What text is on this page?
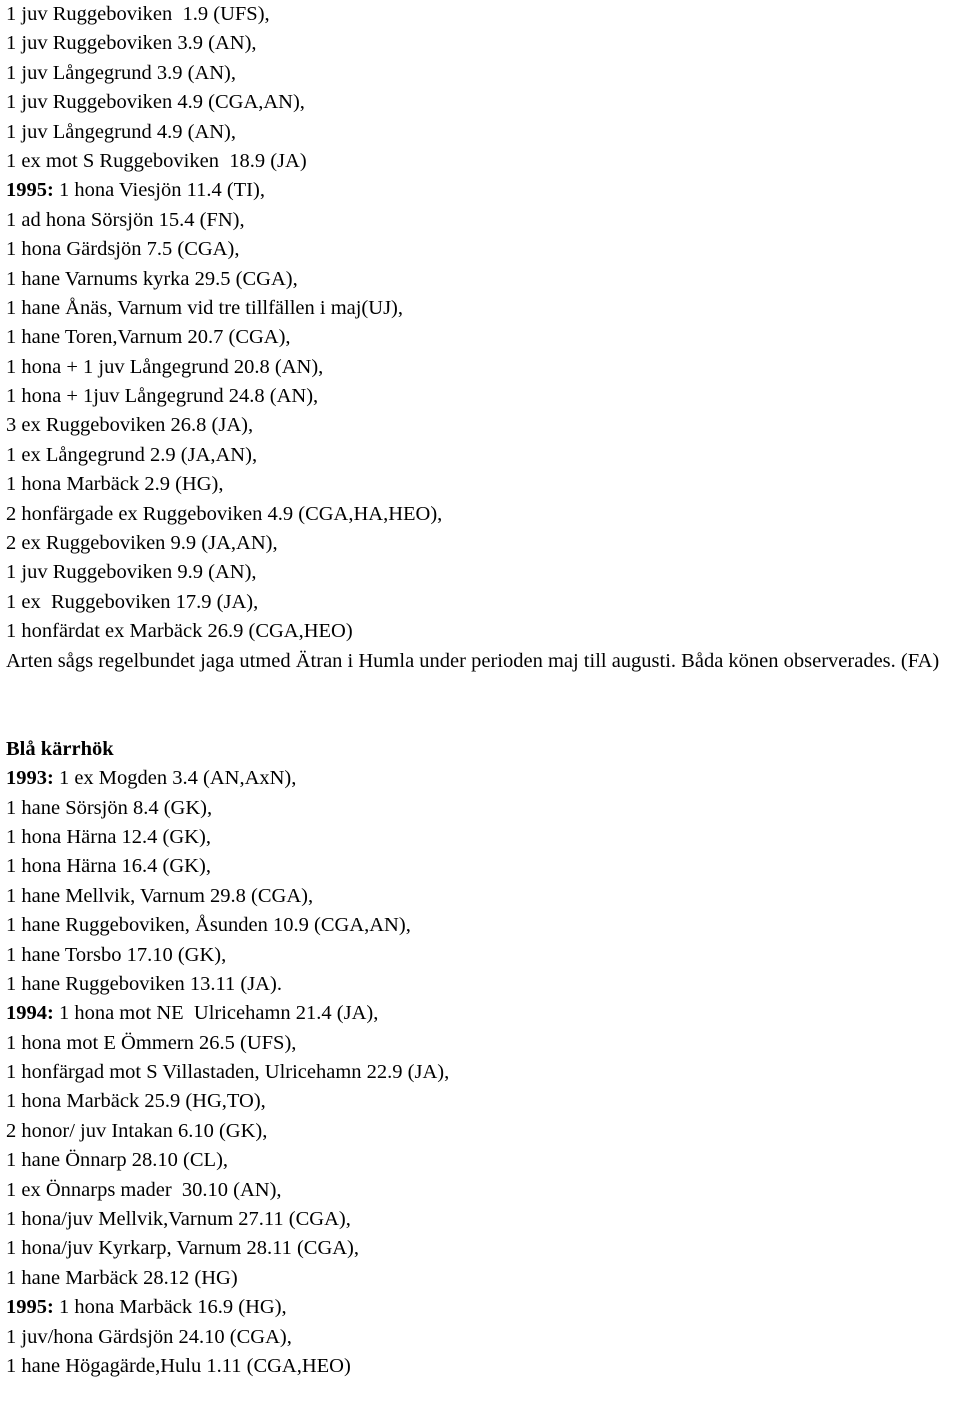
1 juv Ruggeboviken  1.9 (UFS),
1 juv Ruggeboviken 3.9 (AN),
1 juv Långegrund 3.9 (AN),
1 juv Ruggeboviken 4.9 (CGA,AN),
1 juv Långegrund 4.9 (AN),
1 ex mot S Ruggeboviken  18.9 (JA)
1995: 1 hona Viesjön 11.4 (TI),
1 ad hona Sörsjön 15.4 (FN),
1 hona Gärdsjön 7.5 (CGA),
1 hane Varnums kyrka 29.5 (CGA),
1 hane Ånäs, Varnum vid tre tillfällen i maj(UJ),
1 hane Toren,Varnum 20.7 (CGA),
1 hona + 1 juv Långegrund 20.8 (AN),
1 hona + 1juv Långegrund 24.8 (AN),
3 ex Ruggeboviken 26.8 (JA),
1 ex Långegrund 2.9 (JA,AN),
1 hona Marbäck 2.9 (HG),
2 honfärgade ex Ruggeboviken 4.9 (CGA,HA,HEO),
2 ex Ruggeboviken 9.9 (JA,AN),
1 juv Ruggeboviken 9.9 (AN),
1 ex  Ruggeboviken 17.9 (JA),
1 honfärdat ex Marbäck 26.9 (CGA,HEO)
Arten sågs regelbundet jaga utmed Ätran i Humla under perioden maj till augusti. Båda könen observerades. (FA)
Blå kärrhök
1993: 1 ex Mogden 3.4 (AN,AxN),
1 hane Sörsjön 8.4 (GK),
1 hona Härna 12.4 (GK),
1 hona Härna 16.4 (GK),
1 hane Mellvik, Varnum 29.8 (CGA),
1 hane Ruggeboviken, Åsunden 10.9 (CGA,AN),
1 hane Torsbo 17.10 (GK),
1 hane Ruggeboviken 13.11 (JA).
1994: 1 hona mot NE  Ulricehamn 21.4 (JA),
1 hona mot E Ömmern 26.5 (UFS),
1 honfärgad mot S Villastaden, Ulricehamn 22.9 (JA),
1 hona Marbäck 25.9 (HG,TO),
2 honor/ juv Intakan 6.10 (GK),
1 hane Önnarp 28.10 (CL),
1 ex Önnarps mader  30.10 (AN),
1 hona/juv Mellvik,Varnum 27.11 (CGA),
1 hona/juv Kyrkarp, Varnum 28.11 (CGA),
1 hane Marbäck 28.12 (HG)
1995: 1 hona Marbäck 16.9 (HG),
1 juv/hona Gärdsjön 24.10 (CGA),
1 hane Högagärde,Hulu 1.11 (CGA,HEO)
